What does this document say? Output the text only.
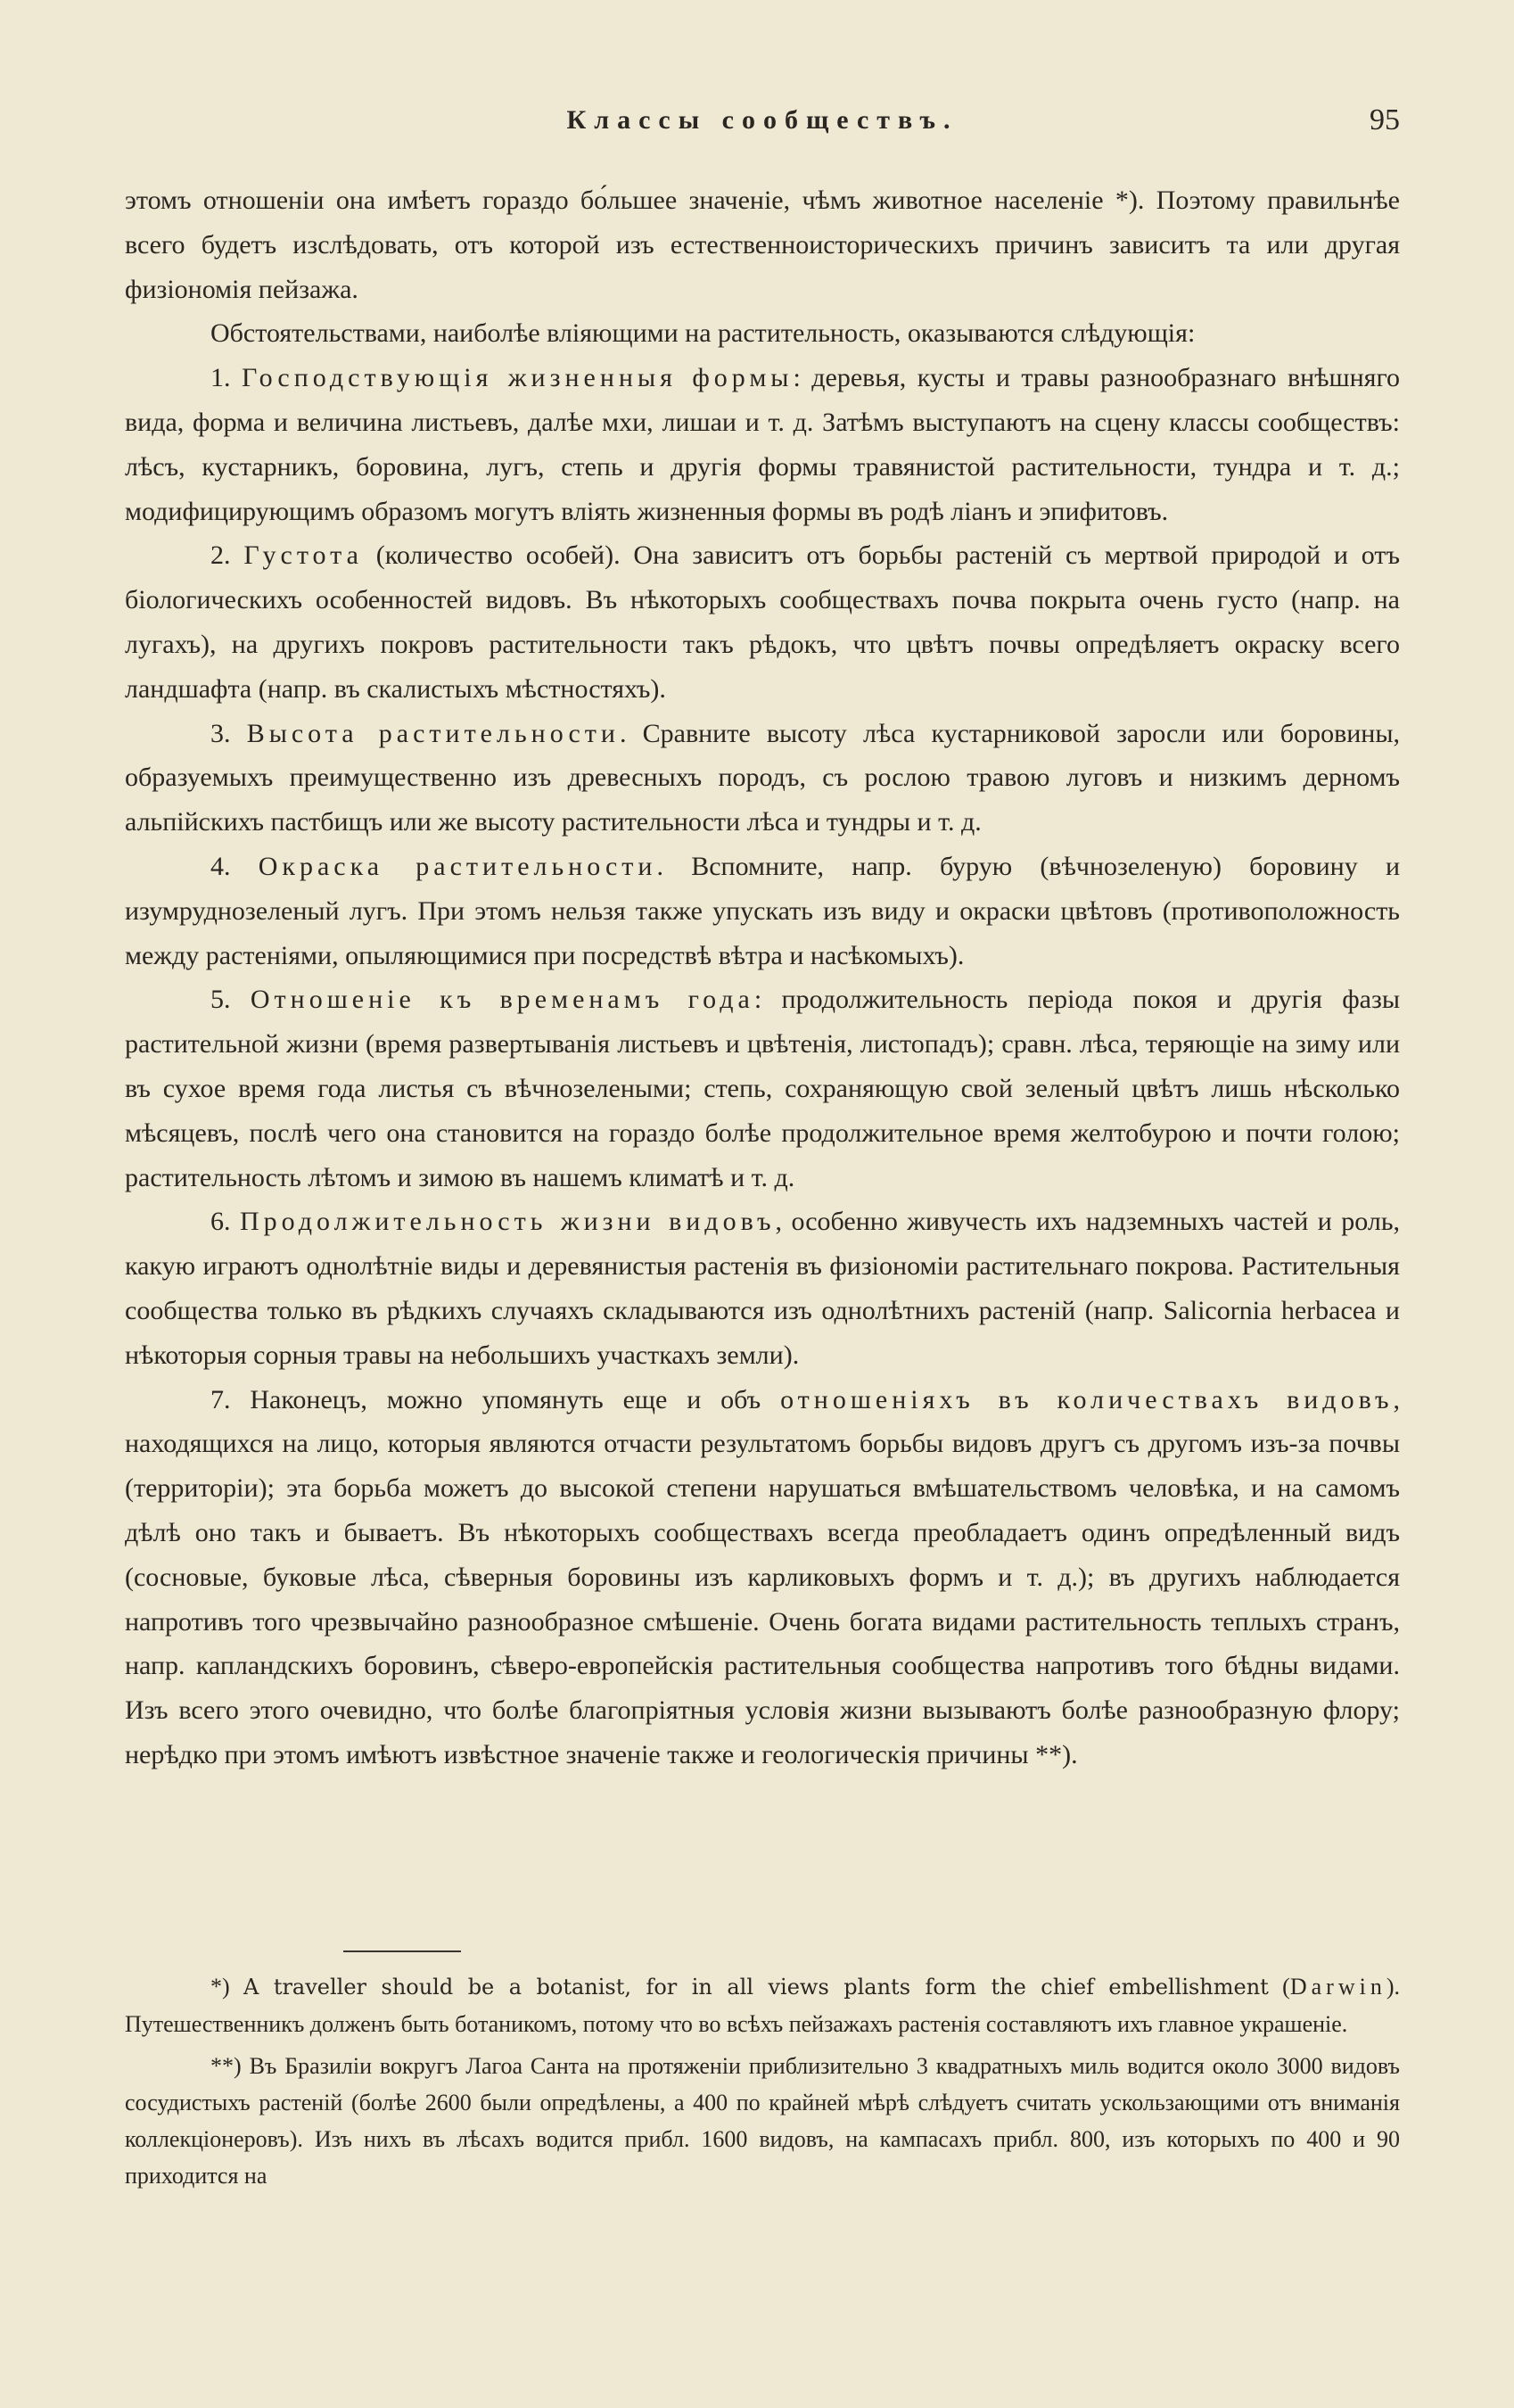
Классы сообществъ.	95

этомъ отношеніи она имѣетъ гораздо бо́льшее значеніе, чѣмъ животное населеніе *). Поэтому правильнѣе всего будетъ изслѣдовать, отъ которой изъ естественноисторическихъ причинъ зависитъ та или другая физіономія пейзажа.

Обстоятельствами, наиболѣе вліяющими на растительность, оказываются слѣдующія:

1. Господствующія жизненныя формы: деревья, кусты и травы разнообразнаго внѣшняго вида, форма и величина листьевъ, далѣе мхи, лишаи и т. д. Затѣмъ выступаютъ на сцену классы сообществъ: лѣсъ, кустарникъ, боровина, лугъ, степь и другія формы травянистой растительности, тундра и т. д.; модифицирующимъ образомъ могутъ вліять жизненныя формы въ родѣ ліанъ и эпифитовъ.

2. Густота (количество особей). Она зависитъ отъ борьбы растеній съ мертвой природой и отъ біологическихъ особенностей видовъ. Въ нѣкоторыхъ сообществахъ почва покрыта очень густо (напр. на лугахъ), на другихъ покровъ растительности такъ рѣдокъ, что цвѣтъ почвы опредѣляетъ окраску всего ландшафта (напр. въ скалистыхъ мѣстностяхъ).

3. Высота растительности. Сравните высоту лѣса кустарниковой заросли или боровины, образуемыхъ преимущественно изъ древесныхъ породъ, съ рослою травою луговъ и низкимъ дерномъ альпійскихъ пастбищъ или же высоту растительности лѣса и тундры и т. д.

4. Окраска растительности. Вспомните, напр. бурую (вѣчнозеленую) боровину и изумруднозеленый лугъ. При этомъ нельзя также упускать изъ виду и окраски цвѣтовъ (противоположность между растеніями, опыляющимися при посредствѣ вѣтра и насѣкомыхъ).

5. Отношеніе къ временамъ года: продолжительность періода покоя и другія фазы растительной жизни (время развертыванія листьевъ и цвѣтенія, листопадъ); сравн. лѣса, теряющіе на зиму или въ сухое время года листья съ вѣчнозелеными; степь, сохраняющую свой зеленый цвѣтъ лишь нѣсколько мѣсяцевъ, послѣ чего она становится на гораздо болѣе продолжительное время желтобурою и почти голою; растительность лѣтомъ и зимою въ нашемъ климатѣ и т. д.

6. Продолжительность жизни видовъ, особенно живучесть ихъ надземныхъ частей и роль, какую играютъ однолѣтніе виды и деревянистыя растенія въ физіономіи растительнаго покрова. Растительныя сообщества только въ рѣдкихъ случаяхъ складываются изъ однолѣтнихъ растеній (напр. Salicornia herbacea и нѣкоторыя сорныя травы на небольшихъ участкахъ земли).

7. Наконецъ, можно упомянуть еще и объ отношеніяхъ въ количествахъ видовъ, находящихся на лицо, которыя являются отчасти результатомъ борьбы видовъ другъ съ другомъ изъ-за почвы (территоріи); эта борьба можетъ до высокой степени нарушаться вмѣшательствомъ человѣка, и на самомъ дѣлѣ оно такъ и бываетъ. Въ нѣкоторыхъ сообществахъ всегда преобладаетъ одинъ опредѣленный видъ (сосновые, буковые лѣса, сѣверныя боровины изъ карликовыхъ формъ и т. д.); въ другихъ наблюдается напротивъ того чрезвычайно разнообразное смѣшеніе. Очень богата видами растительность теплыхъ странъ, напр. капландскихъ боровинъ, сѣверо-европейскія растительныя сообщества напротивъ того бѣдны видами. Изъ всего этого очевидно, что болѣе благопріятныя условія жизни вызываютъ болѣе разнообразную флору; нерѣдко при этомъ имѣютъ извѣстное значеніе также и геологическія причины **).

*) A traveller should be a botanist, for in all views plants form the chief embellishment (Darwin). Путешественникъ долженъ быть ботаникомъ, потому что во всѣхъ пейзажахъ растенія составляютъ ихъ главное украшеніе.

**) Въ Бразиліи вокругъ Лагоа Санта на протяженіи приблизительно 3 квадратныхъ миль водится около 3000 видовъ сосудистыхъ растеній (болѣе 2600 были опредѣлены, а 400 по крайней мѣрѣ слѣдуетъ считать ускользающими отъ вниманія коллекціонеровъ). Изъ нихъ въ лѣсахъ водится прибл. 1600 видовъ, на кампасахъ прибл. 800, изъ которыхъ по 400 и 90 приходится на
